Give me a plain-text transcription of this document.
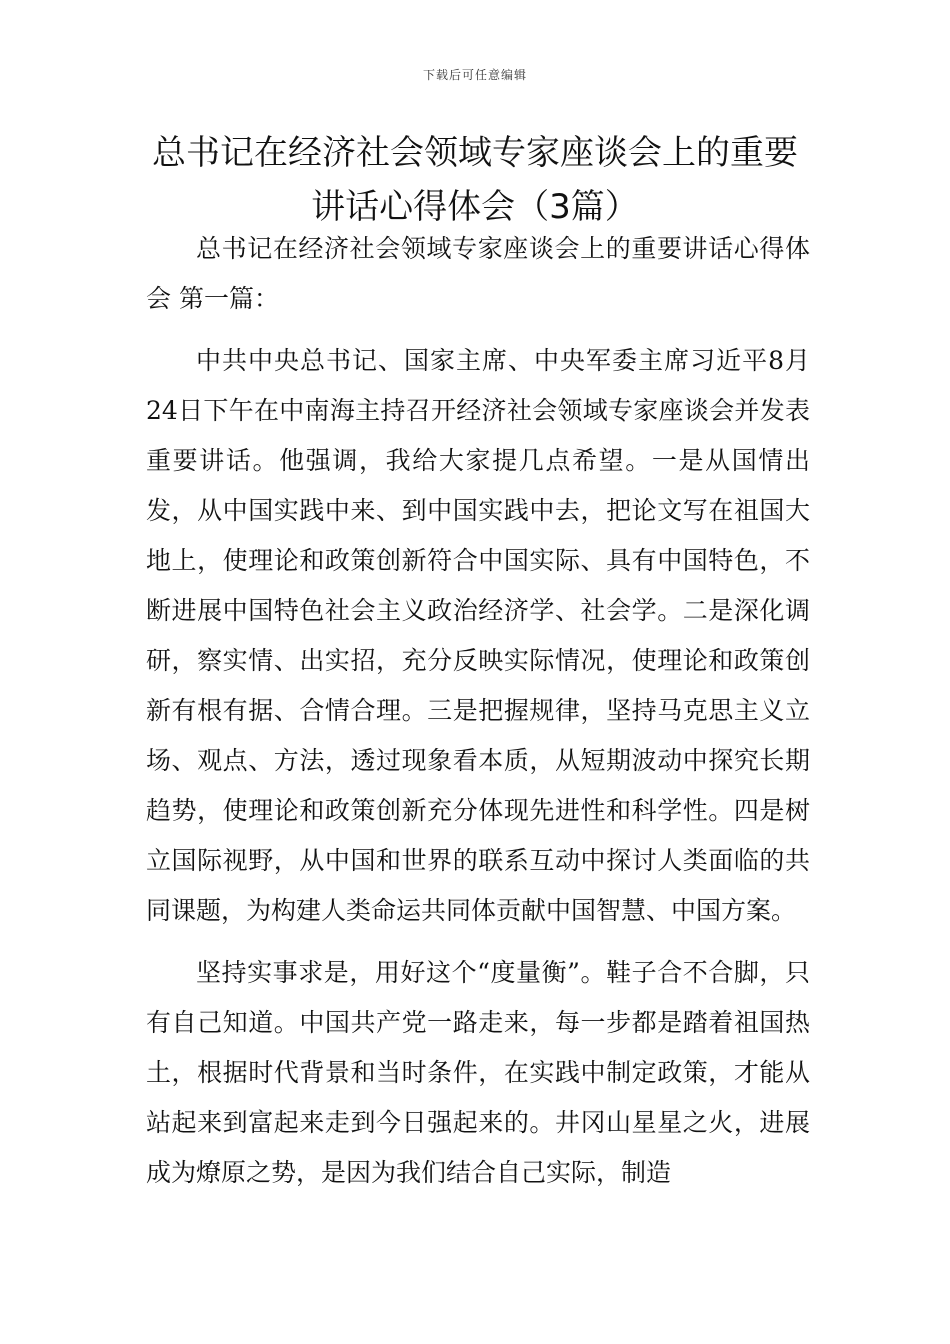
下载后可任意编辑
总书记在经济社会领域专家座谈会上的重要讲话心得体会（3篇）

总书记在经济社会领域专家座谈会上的重要讲话心得体会 第一篇：

中共中央总书记、国家主席、中央军委主席习近平8月24日下午在中南海主持召开经济社会领域专家座谈会并发表重要讲话。他强调，我给大家提几点希望。一是从国情出发，从中国实践中来、到中国实践中去，把论文写在祖国大地上，使理论和政策创新符合中国实际、具有中国特色，不断进展中国特色社会主义政治经济学、社会学。二是深化调研，察实情、出实招，充分反映实际情况，使理论和政策创新有根有据、合情合理。三是把握规律，坚持马克思主义立场、观点、方法，透过现象看本质，从短期波动中探究长期趋势，使理论和政策创新充分体现先进性和科学性。四是树立国际视野，从中国和世界的联系互动中探讨人类面临的共同课题，为构建人类命运共同体贡献中国智慧、中国方案。

坚持实事求是，用好这个“度量衡”。鞋子合不合脚，只有自己知道。中国共产党一路走来，每一步都是踏着祖国热土，根据时代背景和当时条件，在实践中制定政策，才能从站起来到富起来走到今日强起来的。井冈山星星之火，进展成为燎原之势，是因为我们结合自己实际，制造
